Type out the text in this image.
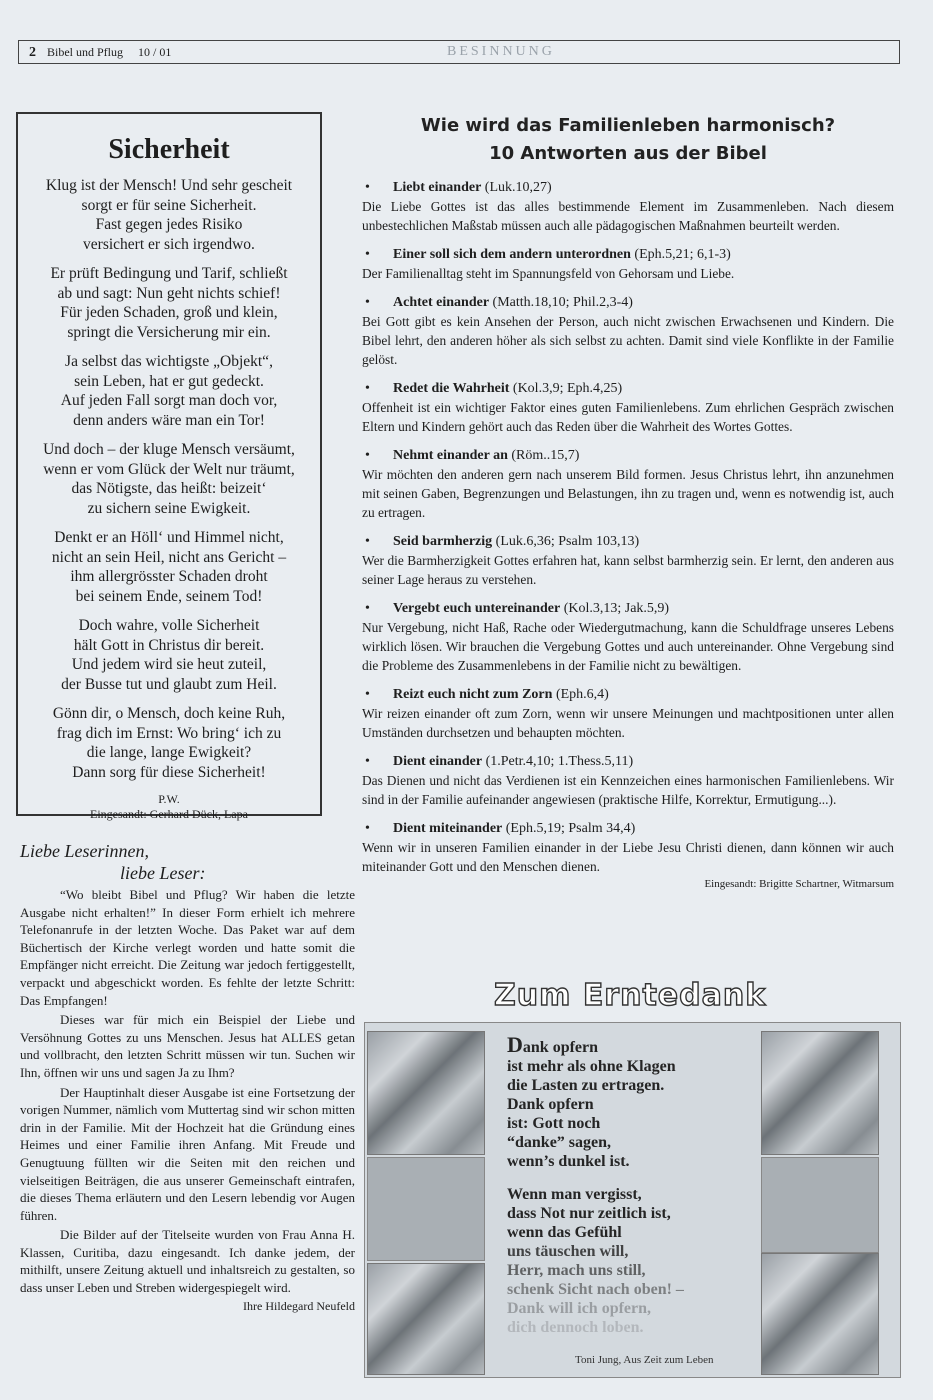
2 Bibel und Pflug 10 / 01	BESINNUNG
Sicherheit
Klug ist der Mensch! Und sehr gescheit
sorgt er für seine Sicherheit.
Fast gegen jedes Risiko
versichert er sich irgendwo.
Er prüft Bedingung und Tarif, schließt
ab und sagt: Nun geht nichts schief!
Für jeden Schaden, groß und klein,
springt die Versicherung mir ein.
Ja selbst das wichtigste „Objekt“,
sein Leben, hat er gut gedeckt.
Auf jeden Fall sorgt man doch vor,
denn anders wäre man ein Tor!
Und doch – der kluge Mensch versäumt,
wenn er vom Glück der Welt nur träumt,
das Nötigste, das heißt: beizeit‘
zu sichern seine Ewigkeit.
Denkt er an Höll‘ und Himmel nicht,
nicht an sein Heil, nicht ans Gericht –
ihm allergrösster Schaden droht
bei seinem Ende, seinem Tod!
Doch wahre, volle Sicherheit
hält Gott in Christus dir bereit.
Und jedem wird sie heut zuteil,
der Busse tut und glaubt zum Heil.
Gönn dir, o Mensch, doch keine Ruh,
frag dich im Ernst: Wo bring‘ ich zu
die lange, lange Ewigkeit?
Dann sorg für diese Sicherheit!
P.W.
Eingesandt: Gerhard Dück, Lapa
Liebe Leserinnen,
liebe Leser:

“Wo bleibt Bibel und Pflug? Wir haben die letzte Ausgabe nicht erhalten!” In dieser Form erhielt ich mehrere Telefonanrufe in der letzten Woche. Das Paket war auf dem Büchertisch der Kirche verlegt worden und hatte somit die Empfänger nicht erreicht. Die Zeitung war jedoch fertiggestellt, verpackt und abgeschickt worden. Es fehlte der letzte Schritt: Das Empfangen!

Dieses war für mich ein Beispiel der Liebe und Versöhnung Gottes zu uns Menschen. Jesus hat ALLES getan und vollbracht, den letzten Schritt müssen wir tun. Suchen wir Ihn, öffnen wir uns und sagen Ja zu Ihm?

Der Hauptinhalt dieser Ausgabe ist eine Fortsetzung der vorigen Nummer, nämlich vom Muttertag sind wir schon mitten drin in der Familie. Mit der Hochzeit hat die Gründung eines Heimes und einer Familie ihren Anfang. Mit Freude und Genugtuung füllten wir die Seiten mit den reichen und vielseitigen Beiträgen, die aus unserer Gemeinschaft eintrafen, die dieses Thema erläutern und den Lesern lebendig vor Augen führen.

Die Bilder auf der Titelseite wurden von Frau Anna H. Klassen, Curitiba, dazu eingesandt. Ich danke jedem, der mithilft, unsere Zeitung aktuell und inhaltsreich zu gestalten, so dass unser Leben und Streben widergespiegelt wird.

Ihre Hildegard Neufeld
Wie wird das Familienleben harmonisch?
10 Antworten aus der Bibel
• Liebt einander (Luk.10,27)
Die Liebe Gottes ist das alles bestimmende Element im Zusammenleben. Nach diesem unbestechlichen Maßstab müssen auch alle pädagogischen Maßnahmen beurteilt werden.
• Einer soll sich dem andern unterordnen (Eph.5,21; 6,1-3)
Der Familienalltag steht im Spannungsfeld von Gehorsam und Liebe.
• Achtet einander (Matth.18,10; Phil.2,3-4)
Bei Gott gibt es kein Ansehen der Person, auch nicht zwischen Erwachsenen und Kindern. Die Bibel lehrt, den anderen höher als sich selbst zu achten. Damit sind viele Konflikte in der Familie gelöst.
• Redet die Wahrheit (Kol.3,9; Eph.4,25)
Offenheit ist ein wichtiger Faktor eines guten Familienlebens. Zum ehrlichen Gespräch zwischen Eltern und Kindern gehört auch das Reden über die Wahrheit des Wortes Gottes.
• Nehmt einander an (Röm..15,7)
Wir möchten den anderen gern nach unserem Bild formen. Jesus Christus lehrt, ihn anzunehmen mit seinen Gaben, Begrenzungen und Belastungen, ihn zu tragen und, wenn es notwendig ist, auch zu ertragen.
• Seid barmherzig (Luk.6,36; Psalm 103,13)
Wer die Barmherzigkeit Gottes erfahren hat, kann selbst barmherzig sein. Er lernt, den anderen aus seiner Lage heraus zu verstehen.
• Vergebt euch untereinander (Kol.3,13; Jak.5,9)
Nur Vergebung, nicht Haß, Rache oder Wiedergutmachung, kann die Schuldfrage unseres Lebens wirklich lösen. Wir brauchen die Vergebung Gottes und auch untereinander. Ohne Vergebung sind die Probleme des Zusammenlebens in der Familie nicht zu bewältigen.
• Reizt euch nicht zum Zorn (Eph.6,4)
Wir reizen einander oft zum Zorn, wenn wir unsere Meinungen und machtpositionen unter allen Umständen durchsetzen und behaupten möchten.
• Dient einander (1.Petr.4,10; 1.Thess.5,11)
Das Dienen und nicht das Verdienen ist ein Kennzeichen eines harmonischen Familienlebens. Wir sind in der Familie aufeinander angewiesen (praktische Hilfe, Korrektur, Ermutigung...).
• Dient miteinander (Eph.5,19; Psalm 34,4)
Wenn wir in unseren Familien einander in der Liebe Jesu Christi dienen, dann können wir auch miteinander Gott und den Menschen dienen.
Eingesandt: Brigitte Schartner, Witmarsum
Zum Erntedank
Dank opfern
ist mehr als ohne Klagen
die Lasten zu ertragen.
Dank opfern
ist: Gott noch
“danke” sagen,
wenn’s dunkel ist.
Wenn man vergisst,
dass Not nur zeitlich ist,
wenn das Gefühl
uns täuschen will,
Herr, mach uns still,
schenk Sicht nach oben! –
Dank will ich opfern,
dich dennoch loben.
Toni Jung, Aus Zeit zum Leben
